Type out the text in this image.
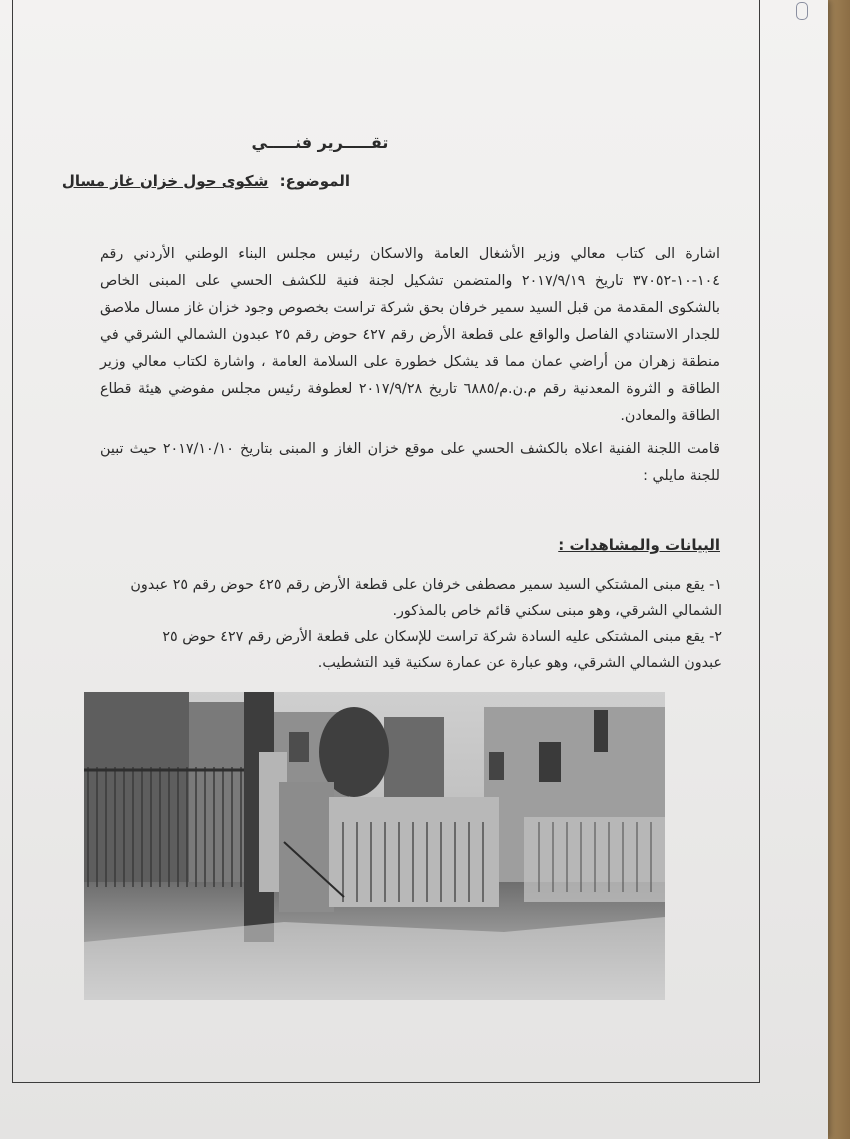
تقـــــرير فنـــــي
الموضوع: شكوى حول خزان غاز مسال
اشارة الى كتاب معالي وزير الأشغال العامة والاسكان رئيس مجلس البناء الوطني الأردني رقم ١٠٤-١٠-٣٧٠٥٢ تاريخ ٢٠١٧/٩/١٩ والمتضمن تشكيل لجنة فنية للكشف الحسي على المبنى الخاص بالشكوى المقدمة من قبل السيد سمير خرفان بحق شركة تراست بخصوص وجود خزان غاز مسال ملاصق للجدار الاستنادي الفاصل والواقع على قطعة الأرض رقم ٤٢٧ حوض رقم ٢٥ عبدون الشمالي الشرقي في منطقة زهران من أراضي عمان مما قد يشكل خطورة على السلامة العامة ، واشارة لكتاب معالي وزير الطاقة و الثروة المعدنية رقم م.ن.م/٦٨٨٥ تاريخ ٢٠١٧/٩/٢٨ لعطوفة رئيس مجلس مفوضي هيئة قطاع الطاقة والمعادن.
قامت اللجنة الفنية اعلاه بالكشف الحسي على موقع خزان الغاز و المبنى بتاريخ ٢٠١٧/١٠/١٠ حيث تبين للجنة مايلي :
البيانات والمشاهدات :
١- يقع مبنى المشتكي السيد سمير مصطفى خرفان على قطعة الأرض رقم ٤٢٥ حوض رقم ٢٥ عبدون الشمالي الشرقي، وهو مبنى سكني قائم خاص بالمذكور.
٢- يقع مبنى المشتكى عليه السادة شركة تراست للإسكان على قطعة الأرض رقم ٤٢٧ حوض ٢٥ عبدون الشمالي الشرقي، وهو عبارة عن عمارة سكنية قيد التشطيب.
